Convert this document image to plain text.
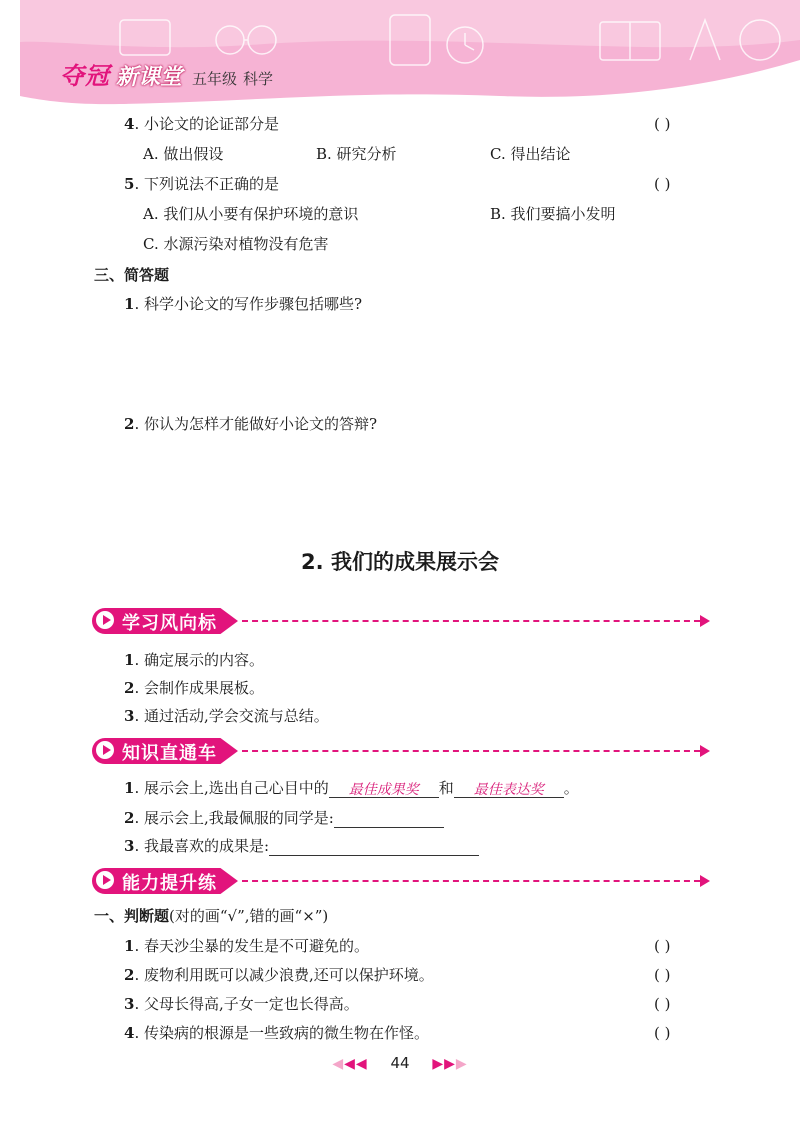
夺冠 新课堂 五年级 科学
4. 小论文的论证部分是	( )
A. 做出假设	B. 研究分析	C. 得出结论
5. 下列说法不正确的是	( )
A. 我们从小要有保护环境的意识	B. 我们要搞小发明
C. 水源污染对植物没有危害
三、简答题
1. 科学小论文的写作步骤包括哪些?
2. 你认为怎样才能做好小论文的答辩?
2. 我们的成果展示会
学习风向标
1. 确定展示的内容。
2. 会制作成果展板。
3. 通过活动,学会交流与总结。
知识直通车
1. 展示会上,选出自己心目中的 最佳成果奖 和 最佳表达奖 。
2. 展示会上,我最佩服的同学是:
3. 我最喜欢的成果是:
能力提升练
一、判断题(对的画“√”,错的画“×”)
1. 春天沙尘暴的发生是不可避免的。	( )
2. 废物利用既可以减少浪费,还可以保护环境。	( )
3. 父母长得高,子女一定也长得高。	( )
4. 传染病的根源是一些致病的微生物在作怪。	( )
◀◀◀ 44 ▶▶▶
